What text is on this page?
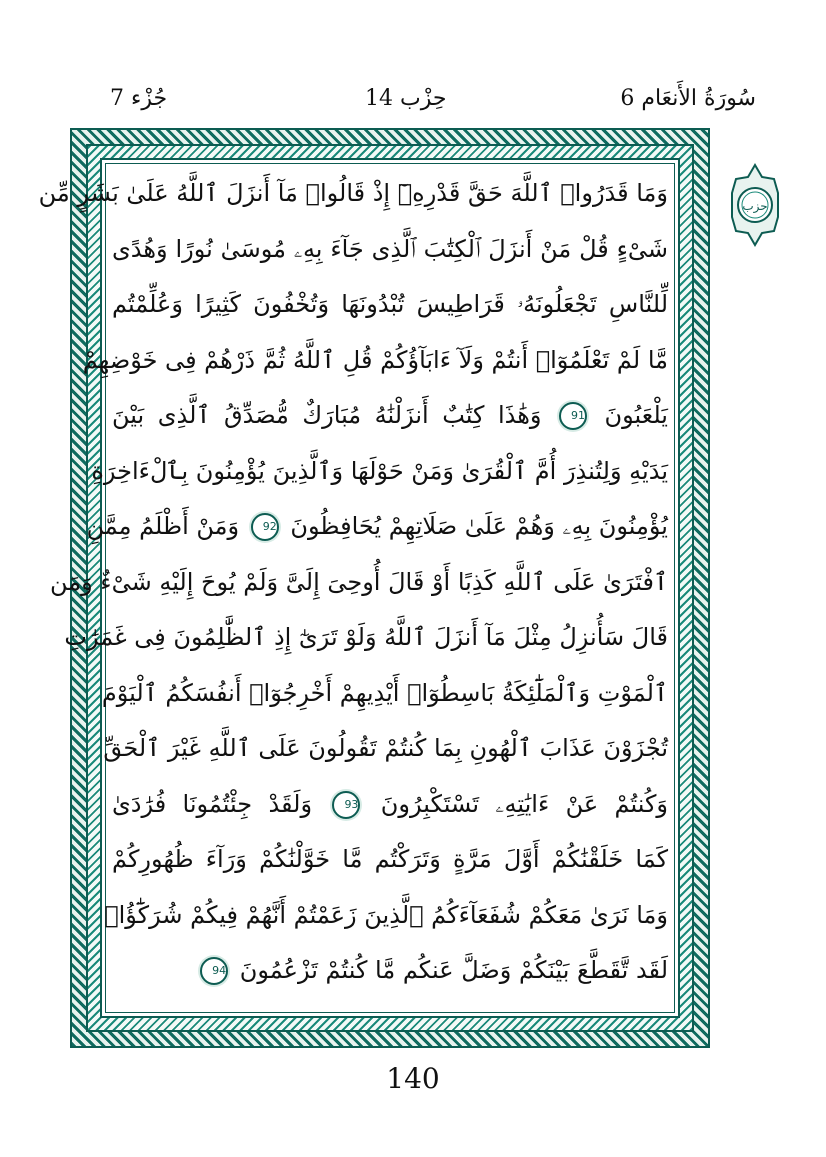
جُزْء 7	حِزْب 14	6 سُورَةُ الأَنعَام
وَمَا قَدَرُوا۟ ٱللَّهَ حَقَّ قَدْرِهِۦٓ إِذْ قَالُوا۟ مَآ أَنزَلَ ٱللَّهُ عَلَىٰ بَشَرٍ مِّن
شَىْءٍ قُلْ مَنْ أَنزَلَ ٱلْكِتَٰبَ ٱلَّذِى جَآءَ بِهِۦ مُوسَىٰ نُورًا وَهُدًى
لِّلنَّاسِ تَجْعَلُونَهُۥ قَرَاطِيسَ تُبْدُونَهَا وَتُخْفُونَ كَثِيرًا وَعُلِّمْتُم
مَّا لَمْ تَعْلَمُوٓا۟ أَنتُمْ وَلَآ ءَابَآؤُكُمْ قُلِ ٱللَّهُ ثُمَّ ذَرْهُمْ فِى خَوْضِهِمْ
يَلْعَبُونَ 91 وَهَٰذَا كِتَٰبٌ أَنزَلْنَٰهُ مُبَارَكٌ مُّصَدِّقُ ٱلَّذِى بَيْنَ
يَدَيْهِ وَلِتُنذِرَ أُمَّ ٱلْقُرَىٰ وَمَنْ حَوْلَهَا وَٱلَّذِينَ يُؤْمِنُونَ بِٱلْءَاخِرَةِ
يُؤْمِنُونَ بِهِۦ وَهُمْ عَلَىٰ صَلَاتِهِمْ يُحَافِظُونَ 92 وَمَنْ أَظْلَمُ مِمَّنِ
ٱفْتَرَىٰ عَلَى ٱللَّهِ كَذِبًا أَوْ قَالَ أُوحِىَ إِلَىَّ وَلَمْ يُوحَ إِلَيْهِ شَىْءٌ وَمَن
قَالَ سَأُنزِلُ مِثْلَ مَآ أَنزَلَ ٱللَّهُ وَلَوْ تَرَىٰٓ إِذِ ٱلظَّٰلِمُونَ فِى غَمَرَٰتِ
ٱلْمَوْتِ وَٱلْمَلَٰٓئِكَةُ بَاسِطُوٓا۟ أَيْدِيهِمْ أَخْرِجُوٓا۟ أَنفُسَكُمُ ٱلْيَوْمَ
تُجْزَوْنَ عَذَابَ ٱلْهُونِ بِمَا كُنتُمْ تَقُولُونَ عَلَى ٱللَّهِ غَيْرَ ٱلْحَقِّ
وَكُنتُمْ عَنْ ءَايَٰتِهِۦ تَسْتَكْبِرُونَ 93 وَلَقَدْ جِئْتُمُونَا فُرَٰدَىٰ
كَمَا خَلَقْنَٰكُمْ أَوَّلَ مَرَّةٍ وَتَرَكْتُم مَّا خَوَّلْنَٰكُمْ وَرَآءَ ظُهُورِكُمْ
وَمَا نَرَىٰ مَعَكُمْ شُفَعَآءَكُمُ ٱلَّذِينَ زَعَمْتُمْ أَنَّهُمْ فِيكُمْ شُرَكَٰٓؤُا۟
لَقَد تَّقَطَّعَ بَيْنَكُمْ وَضَلَّ عَنكُم مَّا كُنتُمْ تَزْعُمُونَ 94
حزب
140
